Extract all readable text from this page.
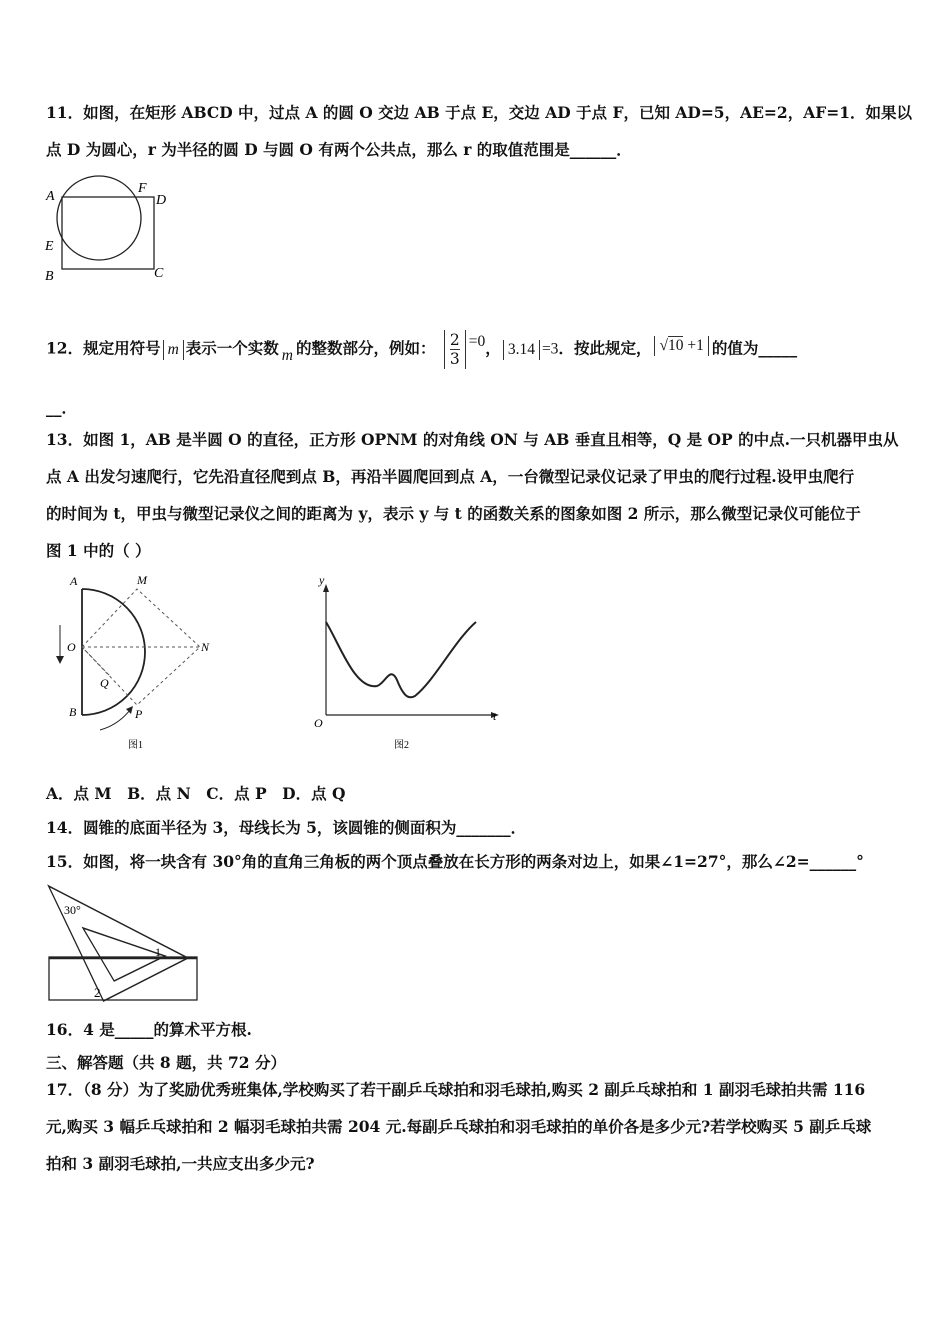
11．如图，在矩形 ABCD 中，过点 A 的圆 O 交边 AB 于点 E，交边 AD 于点 F，已知 AD=5，AE=2，AF=1．如果以
点 D 为圆心，r 为半径的圆 D 与圆 O 有两个公共点，那么 r 的取值范围是______．
A
F
D
E
B	C
12．规定用符号 m 表示一个实数 m 的整数部分，例如： $\frac{2}{3} =0$， 3.14 =3．按此规定， √10 +1 的值为_____
__．
13．如图 1，AB 是半圆 O 的直径，正方形 OPNM 的对角线 ON 与 AB 垂直且相等，Q 是 OP 的中点.一只机器甲虫从
点 A 出发匀速爬行，它先沿直径爬到点 B，再沿半圆爬回到点 A，一台微型记录仪记录了甲虫的爬行过程.设甲虫爬行
的时间为 t，甲虫与微型记录仪之间的距离为 y，表示 y 与 t 的函数关系的图象如图 2 所示，那么微型记录仪可能位于
图 1 中的（ ）
A	M
O	N
Q
B	P
图1
y
O	t
图2
A．点 M　B．点 N　C．点 P　D．点 Q
14．圆锥的底面半径为 3，母线长为 5，该圆锥的侧面积为_______．
15．如图，将一块含有 30°角的直角三角板的两个顶点叠放在长方形的两条对边上，如果∠1=27°，那么∠2=______°
30°
1
2
16．4 是_____的算术平方根.
三、解答题（共 8 题，共 72 分）
17．（8 分）为了奖励优秀班集体,学校购买了若干副乒乓球拍和羽毛球拍,购买 2 副乒乓球拍和 1 副羽毛球拍共需 116
元,购买 3 幅乒乓球拍和 2 幅羽毛球拍共需 204 元.每副乒乓球拍和羽毛球拍的单价各是多少元?若学校购买 5 副乒乓球
拍和 3 副羽毛球拍,一共应支出多少元?
